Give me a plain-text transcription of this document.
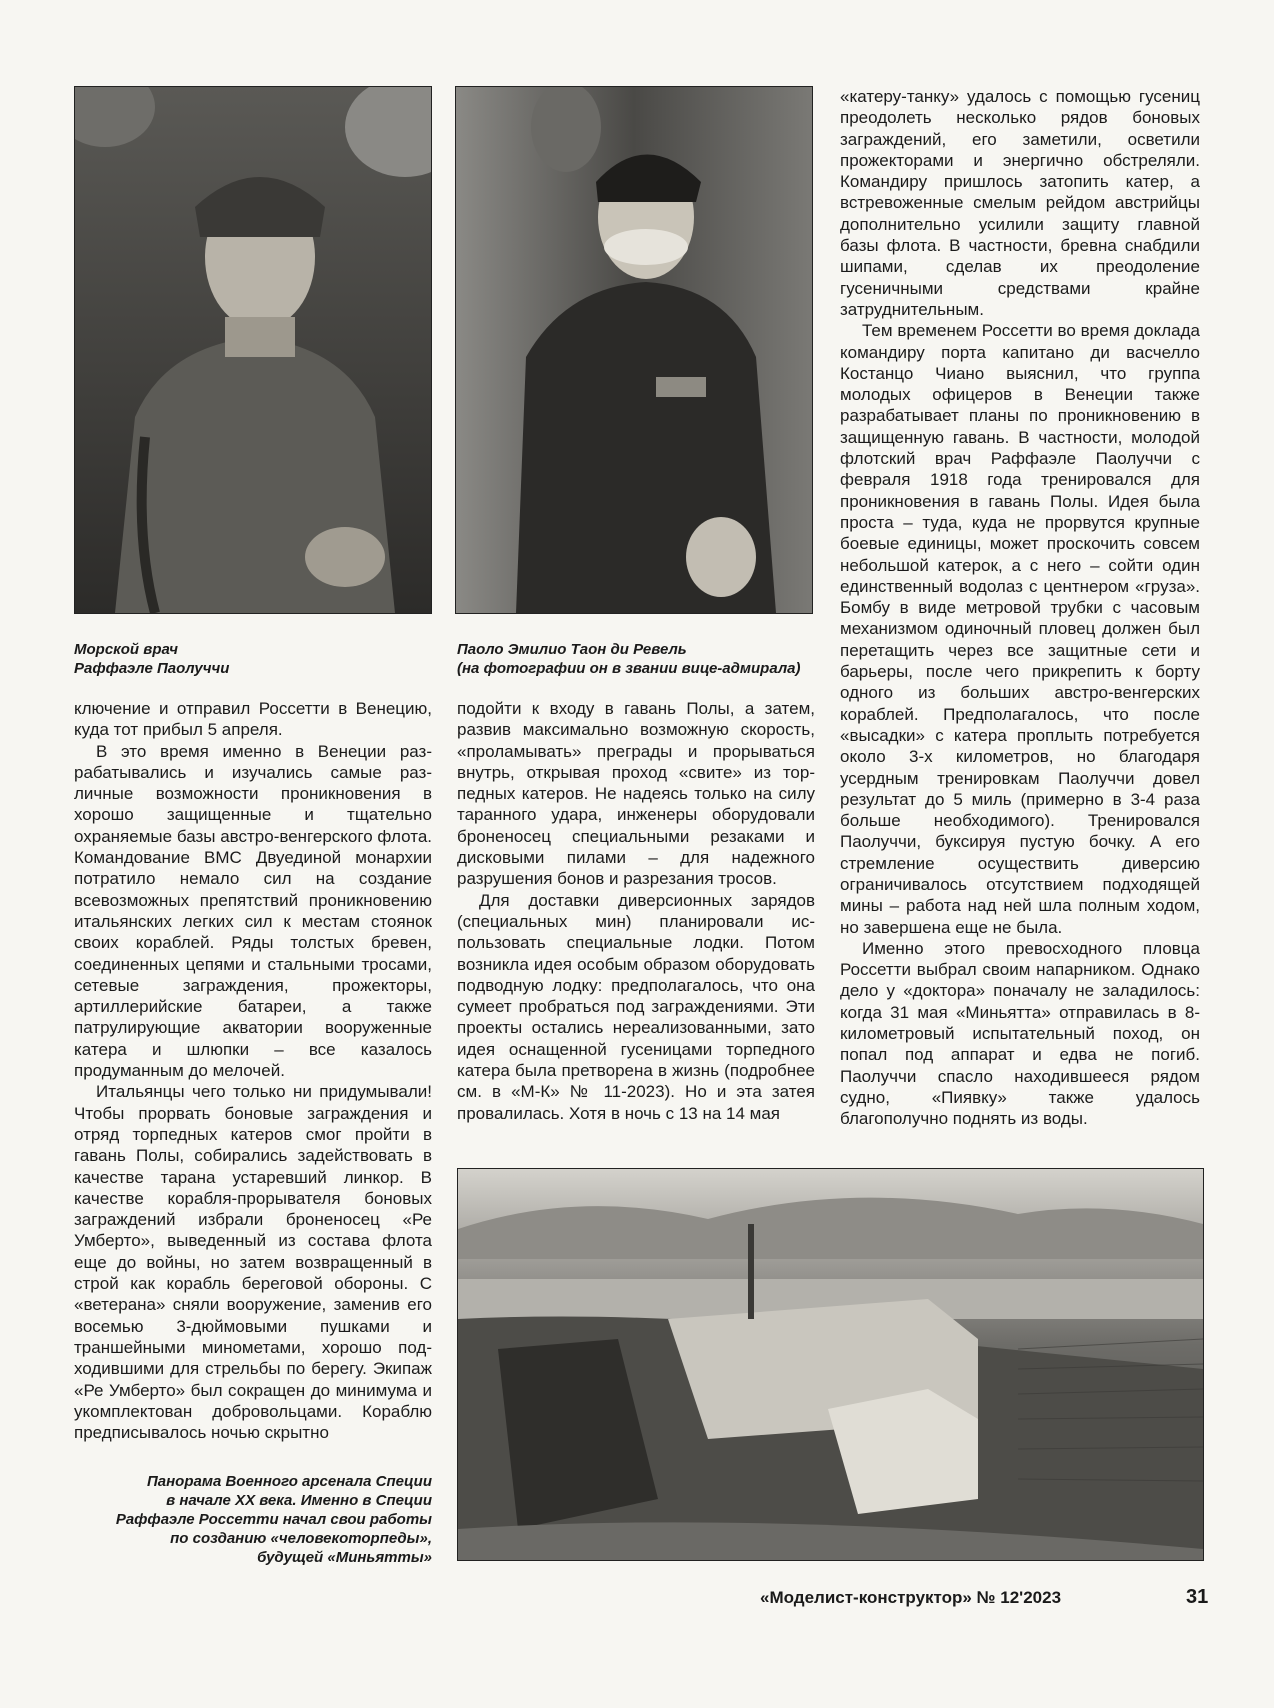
Морской врач
Раффаэле Паолуччи

Паоло Эмилио Таон ди Ревель
(на фотографии он в звании вице-адмирала)

ключение и отправил Россетти в Венецию, куда тот прибыл 5 апреля.

В это время именно в Венеции разрабатывались и изучались самые различные возможности проникновения в хорошо защищенные и тщательно охраняемые базы австро-венгерского флота. Командование ВМС Двуединой монархии потратило немало сил на создание всевозможных препятствий проникновению итальянских легких сил к местам стоянок своих кораблей. Ряды толстых бревен, соединенных цепями и стальными тросами, сетевые заграждения, прожекторы, артиллерийские батареи, а также патрулирующие акватории вооруженные катера и шлюпки – все казалось продуманным до мелочей.

Итальянцы чего только ни придумывали! Чтобы прорвать боновые заграждения и отряд торпедных катеров смог пройти в гавань Полы, собирались задействовать в качестве тарана устаревший линкор. В качестве корабля-прорывателя боновых заграждений избрали броненосец «Ре Умберто», выведенный из состава флота еще до войны, но затем возвращенный в строй как корабль береговой обороны. С «ветерана» сняли вооружение, заменив его восемью 3-дюймовыми пушками и траншейными минометами, хорошо подходившими для стрельбы по берегу. Экипаж «Ре Умберто» был сокращен до минимума и укомплектован добровольцами. Кораблю предписывалось ночью скрытно

подойти к входу в гавань Полы, а затем, развив максимально возможную скорость, «проламывать» преграды и прорываться внутрь, открывая проход «свите» из торпедных катеров. Не надеясь только на силу таранного удара, инженеры оборудовали броненосец специальными резаками и дисковыми пилами – для надежного разрушения бонов и разрезания тросов.

Для доставки диверсионных зарядов (специальных мин) планировали использовать специальные лодки. Потом возникла идея особым образом оборудовать подводную лодку: предполагалось, что она сумеет пробраться под заграждениями. Эти проекты остались нереализованными, зато идея оснащенной гусеницами торпедного катера была претворена в жизнь (подробнее см. в «М-К» № 11-2023). Но и эта затея провалилась. Хотя в ночь с 13 на 14 мая

«катеру-танку» удалось с помощью гусениц преодолеть несколько рядов боновых заграждений, его заметили, осветили прожекторами и энергично обстреляли. Командиру пришлось затопить катер, а встревоженные смелым рейдом австрийцы дополнительно усилили защиту главной базы флота. В частности, бревна снабдили шипами, сделав их преодоление гусеничными средствами крайне затруднительным.

Тем временем Россетти во время доклада командиру порта капитано ди васчелло Костанцо Чиано выяснил, что группа молодых офицеров в Венеции также разрабатывает планы по проникновению в защищенную гавань. В частности, молодой флотский врач Раффаэле Паолуччи с февраля 1918 года тренировался для проникновения в гавань Полы. Идея была проста – туда, куда не прорвутся крупные боевые единицы, может проскочить совсем небольшой катерок, а с него – сойти один единственный водолаз с центнером «груза». Бомбу в виде метровой трубки с часовым механизмом одиночный пловец должен был перетащить через все защитные сети и барьеры, после чего прикрепить к борту одного из больших австро-венгерских кораблей. Предполагалось, что после «высадки» с катера проплыть потребуется около 3-х километров, но благодаря усердным тренировкам Паолуччи довел результат до 5 миль (примерно в 3-4 раза больше необходимого). Тренировался Паолуччи, буксируя пустую бочку. А его стремление осуществить диверсию ограничивалось отсутствием подходящей мины – работа над ней шла полным ходом, но завершена еще не была.

Именно этого превосходного пловца Россетти выбрал своим напарником. Однако дело у «доктора» поначалу не заладилось: когда 31 мая «Миньятта» отправилась в 8-километровый испытательный поход, он попал под аппарат и едва не погиб. Паолуччи спасло находившееся рядом судно, «Пиявку» также удалось благополучно поднять из воды.

Панорама Военного арсенала Специи
в начале XX века. Именно в Специи
Раффаэле Россетти начал свои работы
по созданию «человекоторпеды»,
будущей «Миньятты»

«Моделист-конструктор» № 12'2023	31
